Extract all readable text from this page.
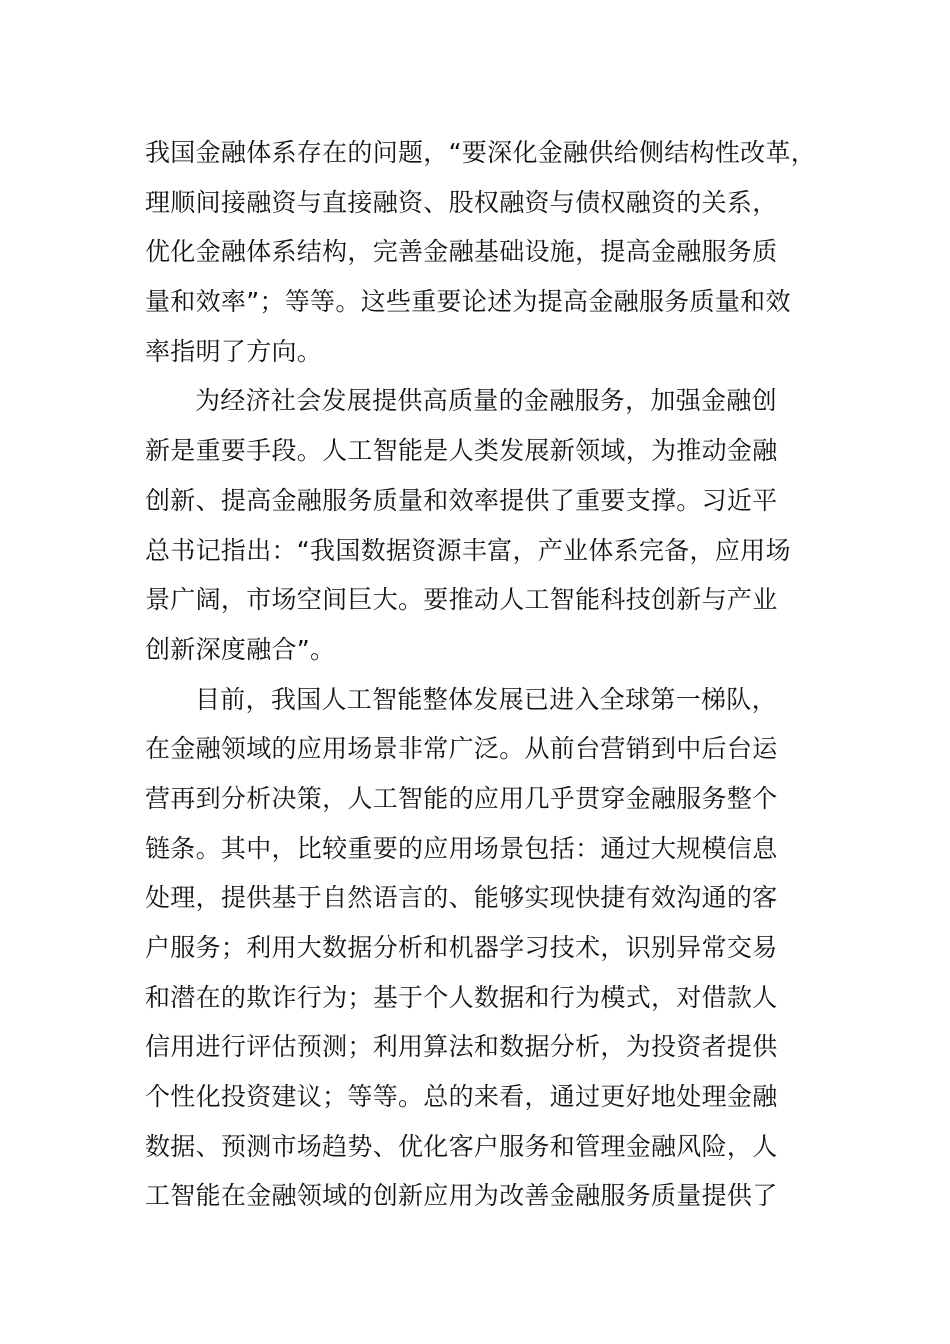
我国金融体系存在的问题，“要深化金融供给侧结构性改革，
理顺间接融资与直接融资、股权融资与债权融资的关系，
优化金融体系结构，完善金融基础设施，提高金融服务质
量和效率”；等等。这些重要论述为提高金融服务质量和效
率指明了方向。
为经济社会发展提供高质量的金融服务，加强金融创
新是重要手段。人工智能是人类发展新领域，为推动金融
创新、提高金融服务质量和效率提供了重要支撑。习近平
总书记指出：“我国数据资源丰富，产业体系完备，应用场
景广阔，市场空间巨大。要推动人工智能科技创新与产业
创新深度融合”。
目前，我国人工智能整体发展已进入全球第一梯队，
在金融领域的应用场景非常广泛。从前台营销到中后台运
营再到分析决策，人工智能的应用几乎贯穿金融服务整个
链条。其中，比较重要的应用场景包括：通过大规模信息
处理，提供基于自然语言的、能够实现快捷有效沟通的客
户服务；利用大数据分析和机器学习技术，识别异常交易
和潜在的欺诈行为；基于个人数据和行为模式，对借款人
信用进行评估预测；利用算法和数据分析，为投资者提供
个性化投资建议；等等。总的来看，通过更好地处理金融
数据、预测市场趋势、优化客户服务和管理金融风险，人
工智能在金融领域的创新应用为改善金融服务质量提供了
